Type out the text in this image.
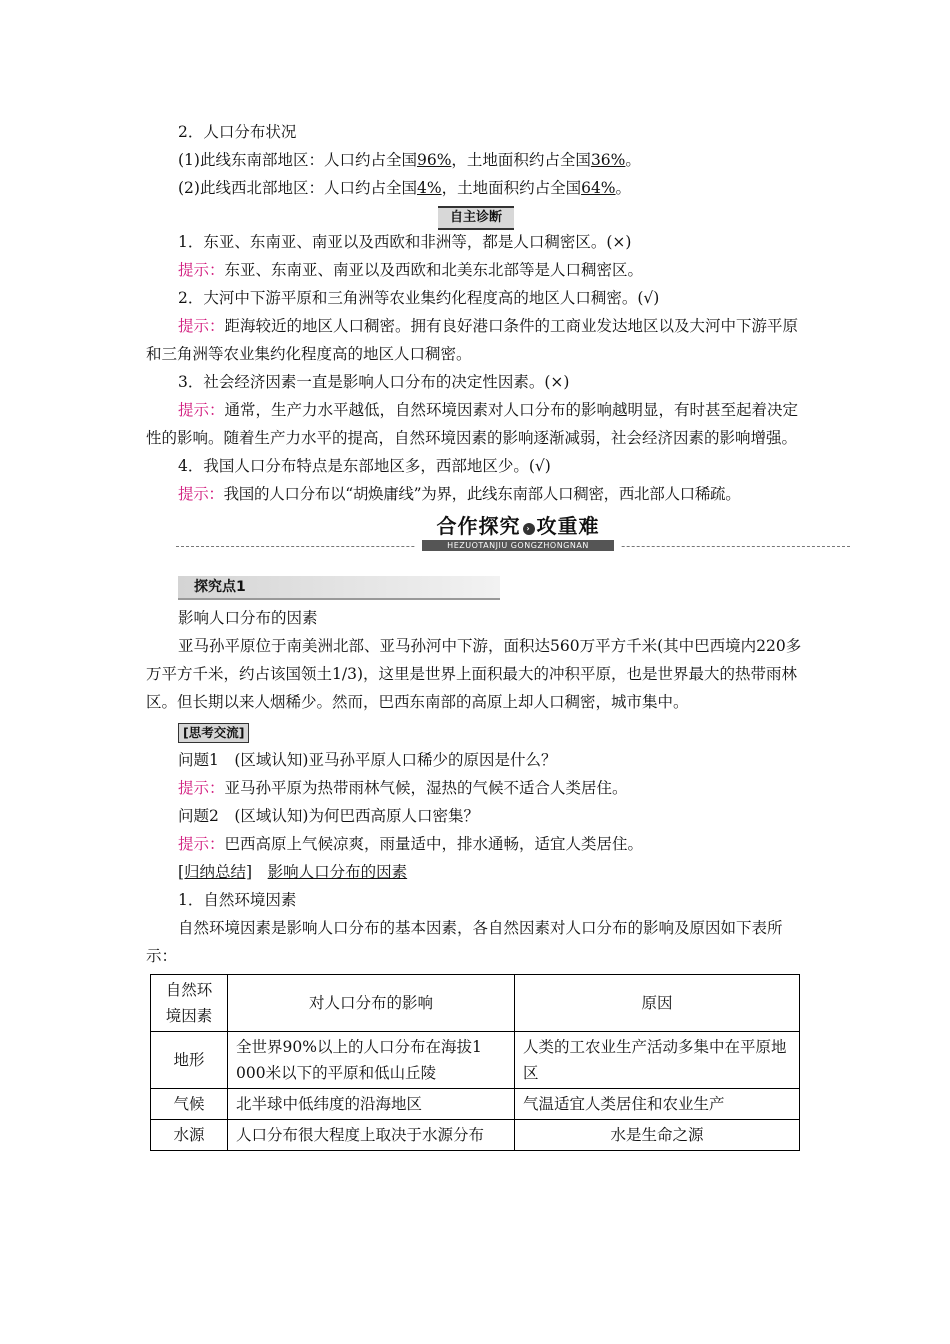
2．人口分布状况
(1)此线东南部地区：人口约占全国96%，土地面积约占全国36%。
(2)此线西北部地区：人口约占全国4%，土地面积约占全国64%。
自主诊断
1．东亚、东南亚、南亚以及西欧和非洲等，都是人口稠密区。(×)
提示：东亚、东南亚、南亚以及西欧和北美东北部等是人口稠密区。
2．大河中下游平原和三角洲等农业集约化程度高的地区人口稠密。(√)
提示：距海较近的地区人口稠密。拥有良好港口条件的工商业发达地区以及大河中下游平原和三角洲等农业集约化程度高的地区人口稠密。
3．社会经济因素一直是影响人口分布的决定性因素。(×)
提示：通常，生产力水平越低，自然环境因素对人口分布的影响越明显，有时甚至起着决定性的影响。随着生产力水平的提高，自然环境因素的影响逐渐减弱，社会经济因素的影响增强。
4．我国人口分布特点是东部地区多，西部地区少。(√)
提示：我国的人口分布以“胡焕庸线”为界，此线东南部人口稠密，西北部人口稀疏。
合作探究 › 攻重难
HEZUOTANJIU GONGZHONGNAN
探究点1
影响人口分布的因素
亚马孙平原位于南美洲北部、亚马孙河中下游，面积达560万平方千米(其中巴西境内220多万平方千米，约占该国领土1/3)，这里是世界上面积最大的冲积平原，也是世界最大的热带雨林区。但长期以来人烟稀少。然而，巴西东南部的高原上却人口稠密，城市集中。
[思考交流]
问题1　(区域认知)亚马孙平原人口稀少的原因是什么？
提示：亚马孙平原为热带雨林气候，湿热的气候不适合人类居住。
问题2　(区域认知)为何巴西高原人口密集？
提示：巴西高原上气候凉爽，雨量适中，排水通畅，适宜人类居住。
[归纳总结]　 影响人口分布的因素
1．自然环境因素
自然环境因素是影响人口分布的基本因素，各自然因素对人口分布的影响及原因如下表所示：
自然环境因素	对人口分布的影响	原因
地形	全世界90%以上的人口分布在海拔1 000米以下的平原和低山丘陵	人类的工农业生产活动多集中在平原地区
气候	北半球中低纬度的沿海地区	气温适宜人类居住和农业生产
水源	人口分布很大程度上取决于水源分布	水是生命之源
